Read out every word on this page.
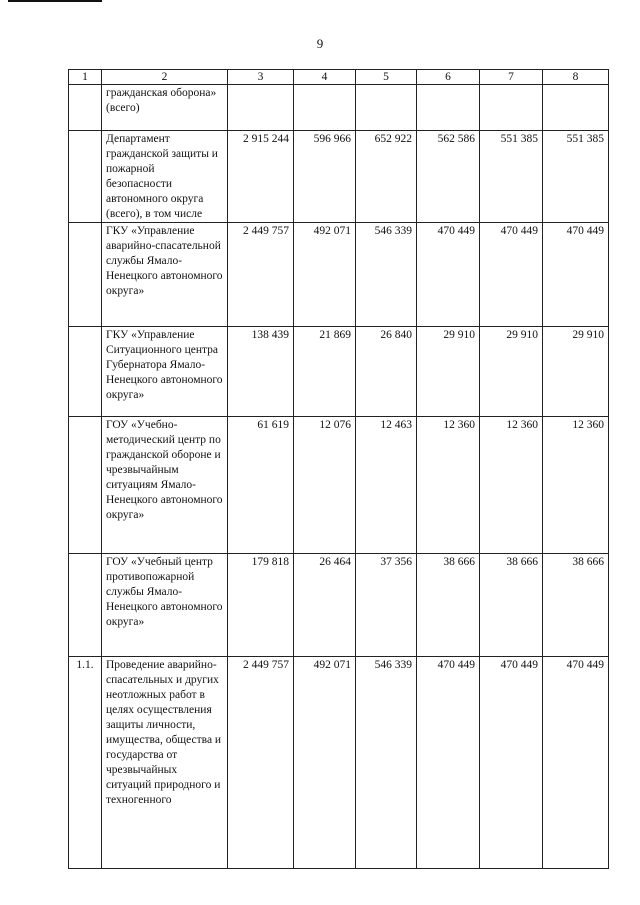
9
1	2	3	4	5	6	7	8
	гражданская оборона» (всего)						
	Департамент гражданской защиты и пожарной безопасности автономного округа (всего), в том числе	2 915 244	596 966	652 922	562 586	551 385	551 385
	ГКУ «Управление аварийно-спасательной службы Ямало-Ненецкого автономного округа»	2 449 757	492 071	546 339	470 449	470 449	470 449
	ГКУ «Управление Ситуационного центра Губернатора Ямало-Ненецкого автономного округа»	138 439	21 869	26 840	29 910	29 910	29 910
	ГОУ «Учебно-методический центр по гражданской обороне и чрезвычайным ситуациям Ямало-Ненецкого автономного округа»	61 619	12 076	12 463	12 360	12 360	12 360
	ГОУ «Учебный центр противопожарной службы Ямало-Ненецкого автономного округа»	179 818	26 464	37 356	38 666	38 666	38 666
1.1.	Проведение аварийно-спасательных и других неотложных работ в целях осуществления защиты личности, имущества, общества и государства от чрезвычайных ситуаций природного и техногенного	2 449 757	492 071	546 339	470 449	470 449	470 449
